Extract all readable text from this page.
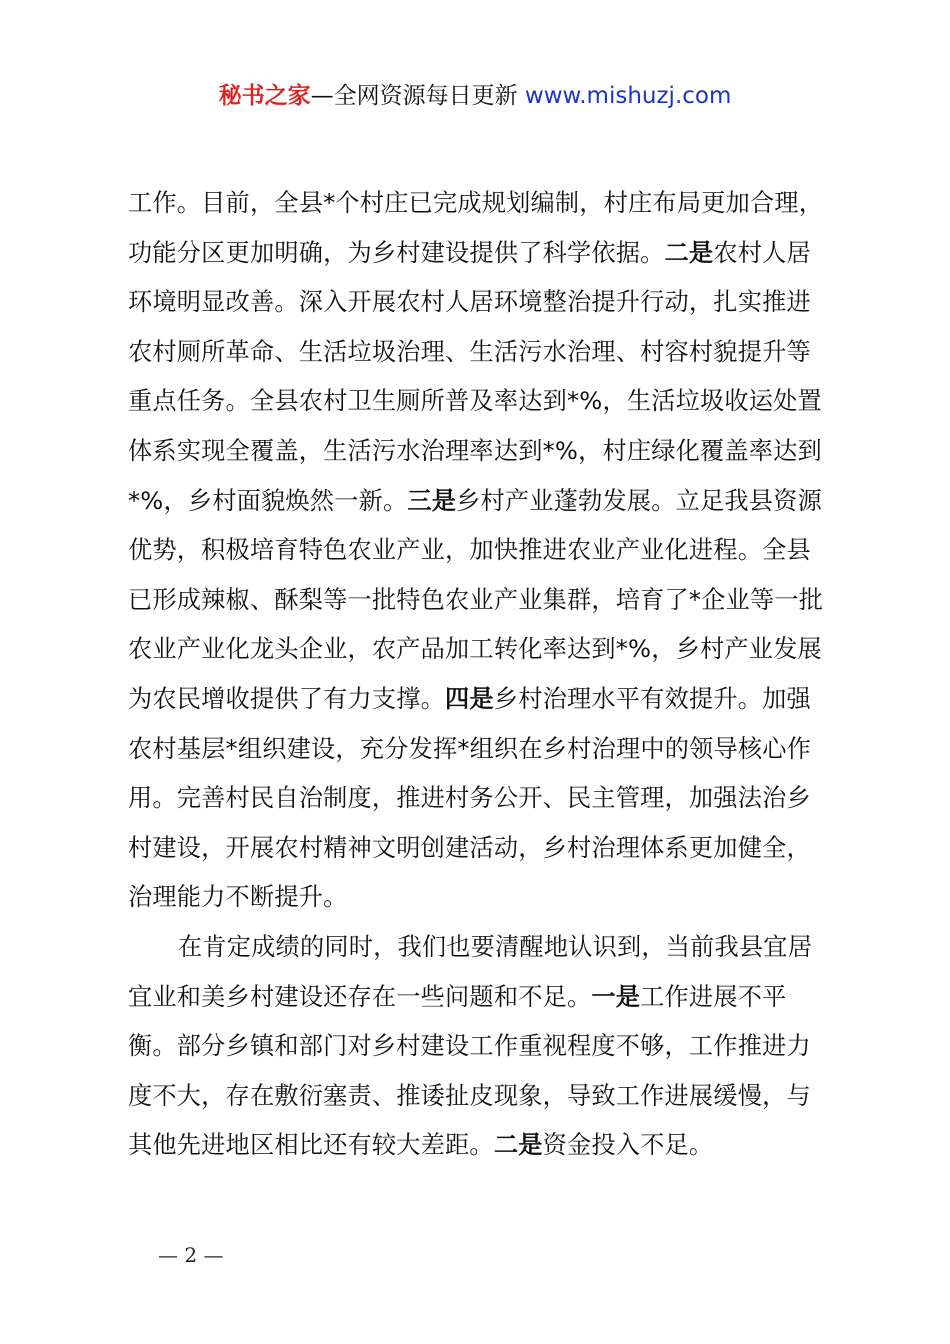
秘书之家—全网资源每日更新 www.mishuzj.com

工作。目前，全县*个村庄已完成规划编制，村庄布局更加合理，功能分区更加明确，为乡村建设提供了科学依据。二是农村人居环境明显改善。深入开展农村人居环境整治提升行动，扎实推进农村厕所革命、生活垃圾治理、生活污水治理、村容村貌提升等重点任务。全县农村卫生厕所普及率达到*%，生活垃圾收运处置体系实现全覆盖，生活污水治理率达到*%，村庄绿化覆盖率达到*%，乡村面貌焕然一新。三是乡村产业蓬勃发展。立足我县资源优势，积极培育特色农业产业，加快推进农业产业化进程。全县已形成辣椒、酥梨等一批特色农业产业集群，培育了*企业等一批农业产业化龙头企业，农产品加工转化率达到*%，乡村产业发展为农民增收提供了有力支撑。四是乡村治理水平有效提升。加强农村基层*组织建设，充分发挥*组织在乡村治理中的领导核心作用。完善村民自治制度，推进村务公开、民主管理，加强法治乡村建设，开展农村精神文明创建活动，乡村治理体系更加健全，治理能力不断提升。

在肯定成绩的同时，我们也要清醒地认识到，当前我县宜居宜业和美乡村建设还存在一些问题和不足。一是工作进展不平衡。部分乡镇和部门对乡村建设工作重视程度不够，工作推进力度不大，存在敷衍塞责、推诿扯皮现象，导致工作进展缓慢，与其他先进地区相比还有较大差距。二是资金投入不足。

— 2 —
